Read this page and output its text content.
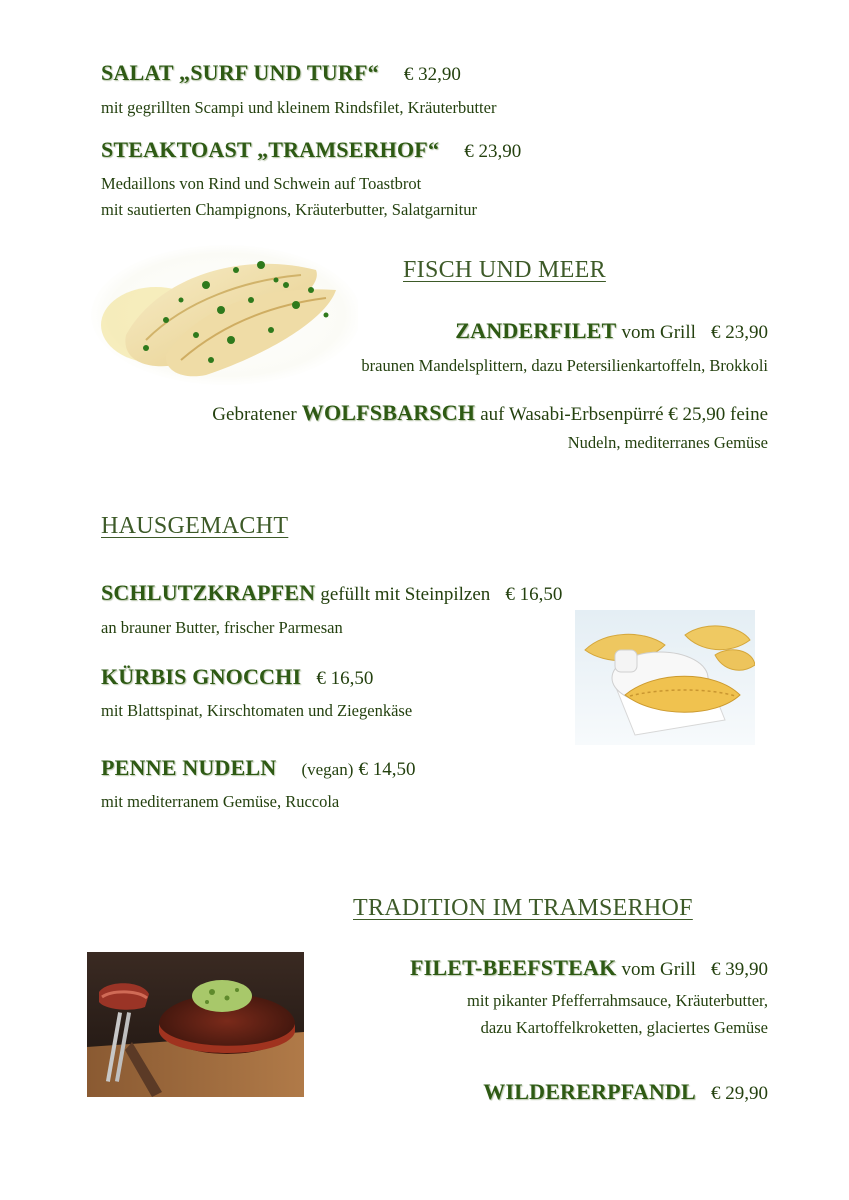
SALAT „SURF UND TURF“ € 32,90
mit gegrillten Scampi und kleinem Rindsfilet, Kräuterbutter
STEAKTOAST „TRAMSERHOF“ € 23,90
Medaillons von Rind und Schwein auf Toastbrot
mit sautierten Champignons, Kräuterbutter, Salatgarnitur
FISCH UND MEER
ZANDERFILET vom Grill € 23,90
braunen Mandelsplittern, dazu Petersilienkartoffeln, Brokkoli
Gebratener WOLFSBARSCH auf Wasabi-Erbsenpürré € 25,90 feine
Nudeln, mediterranes Gemüse
HAUSGEMACHT
SCHLUTZKRAPFEN gefüllt mit Steinpilzen € 16,50
an brauner Butter, frischer Parmesan
KÜRBIS GNOCCHI € 16,50
mit Blattspinat, Kirschtomaten und Ziegenkäse
PENNE NUDELN (vegan) € 14,50
mit mediterranem Gemüse, Ruccola
TRADITION IM TRAMSERHOF
FILET-BEEFSTEAK vom Grill € 39,90
mit pikanter Pfefferrahmsauce, Kräuterbutter,
dazu Kartoffelkroketten, glaciertes Gemüse
WILDERERPFANDL € 29,90
